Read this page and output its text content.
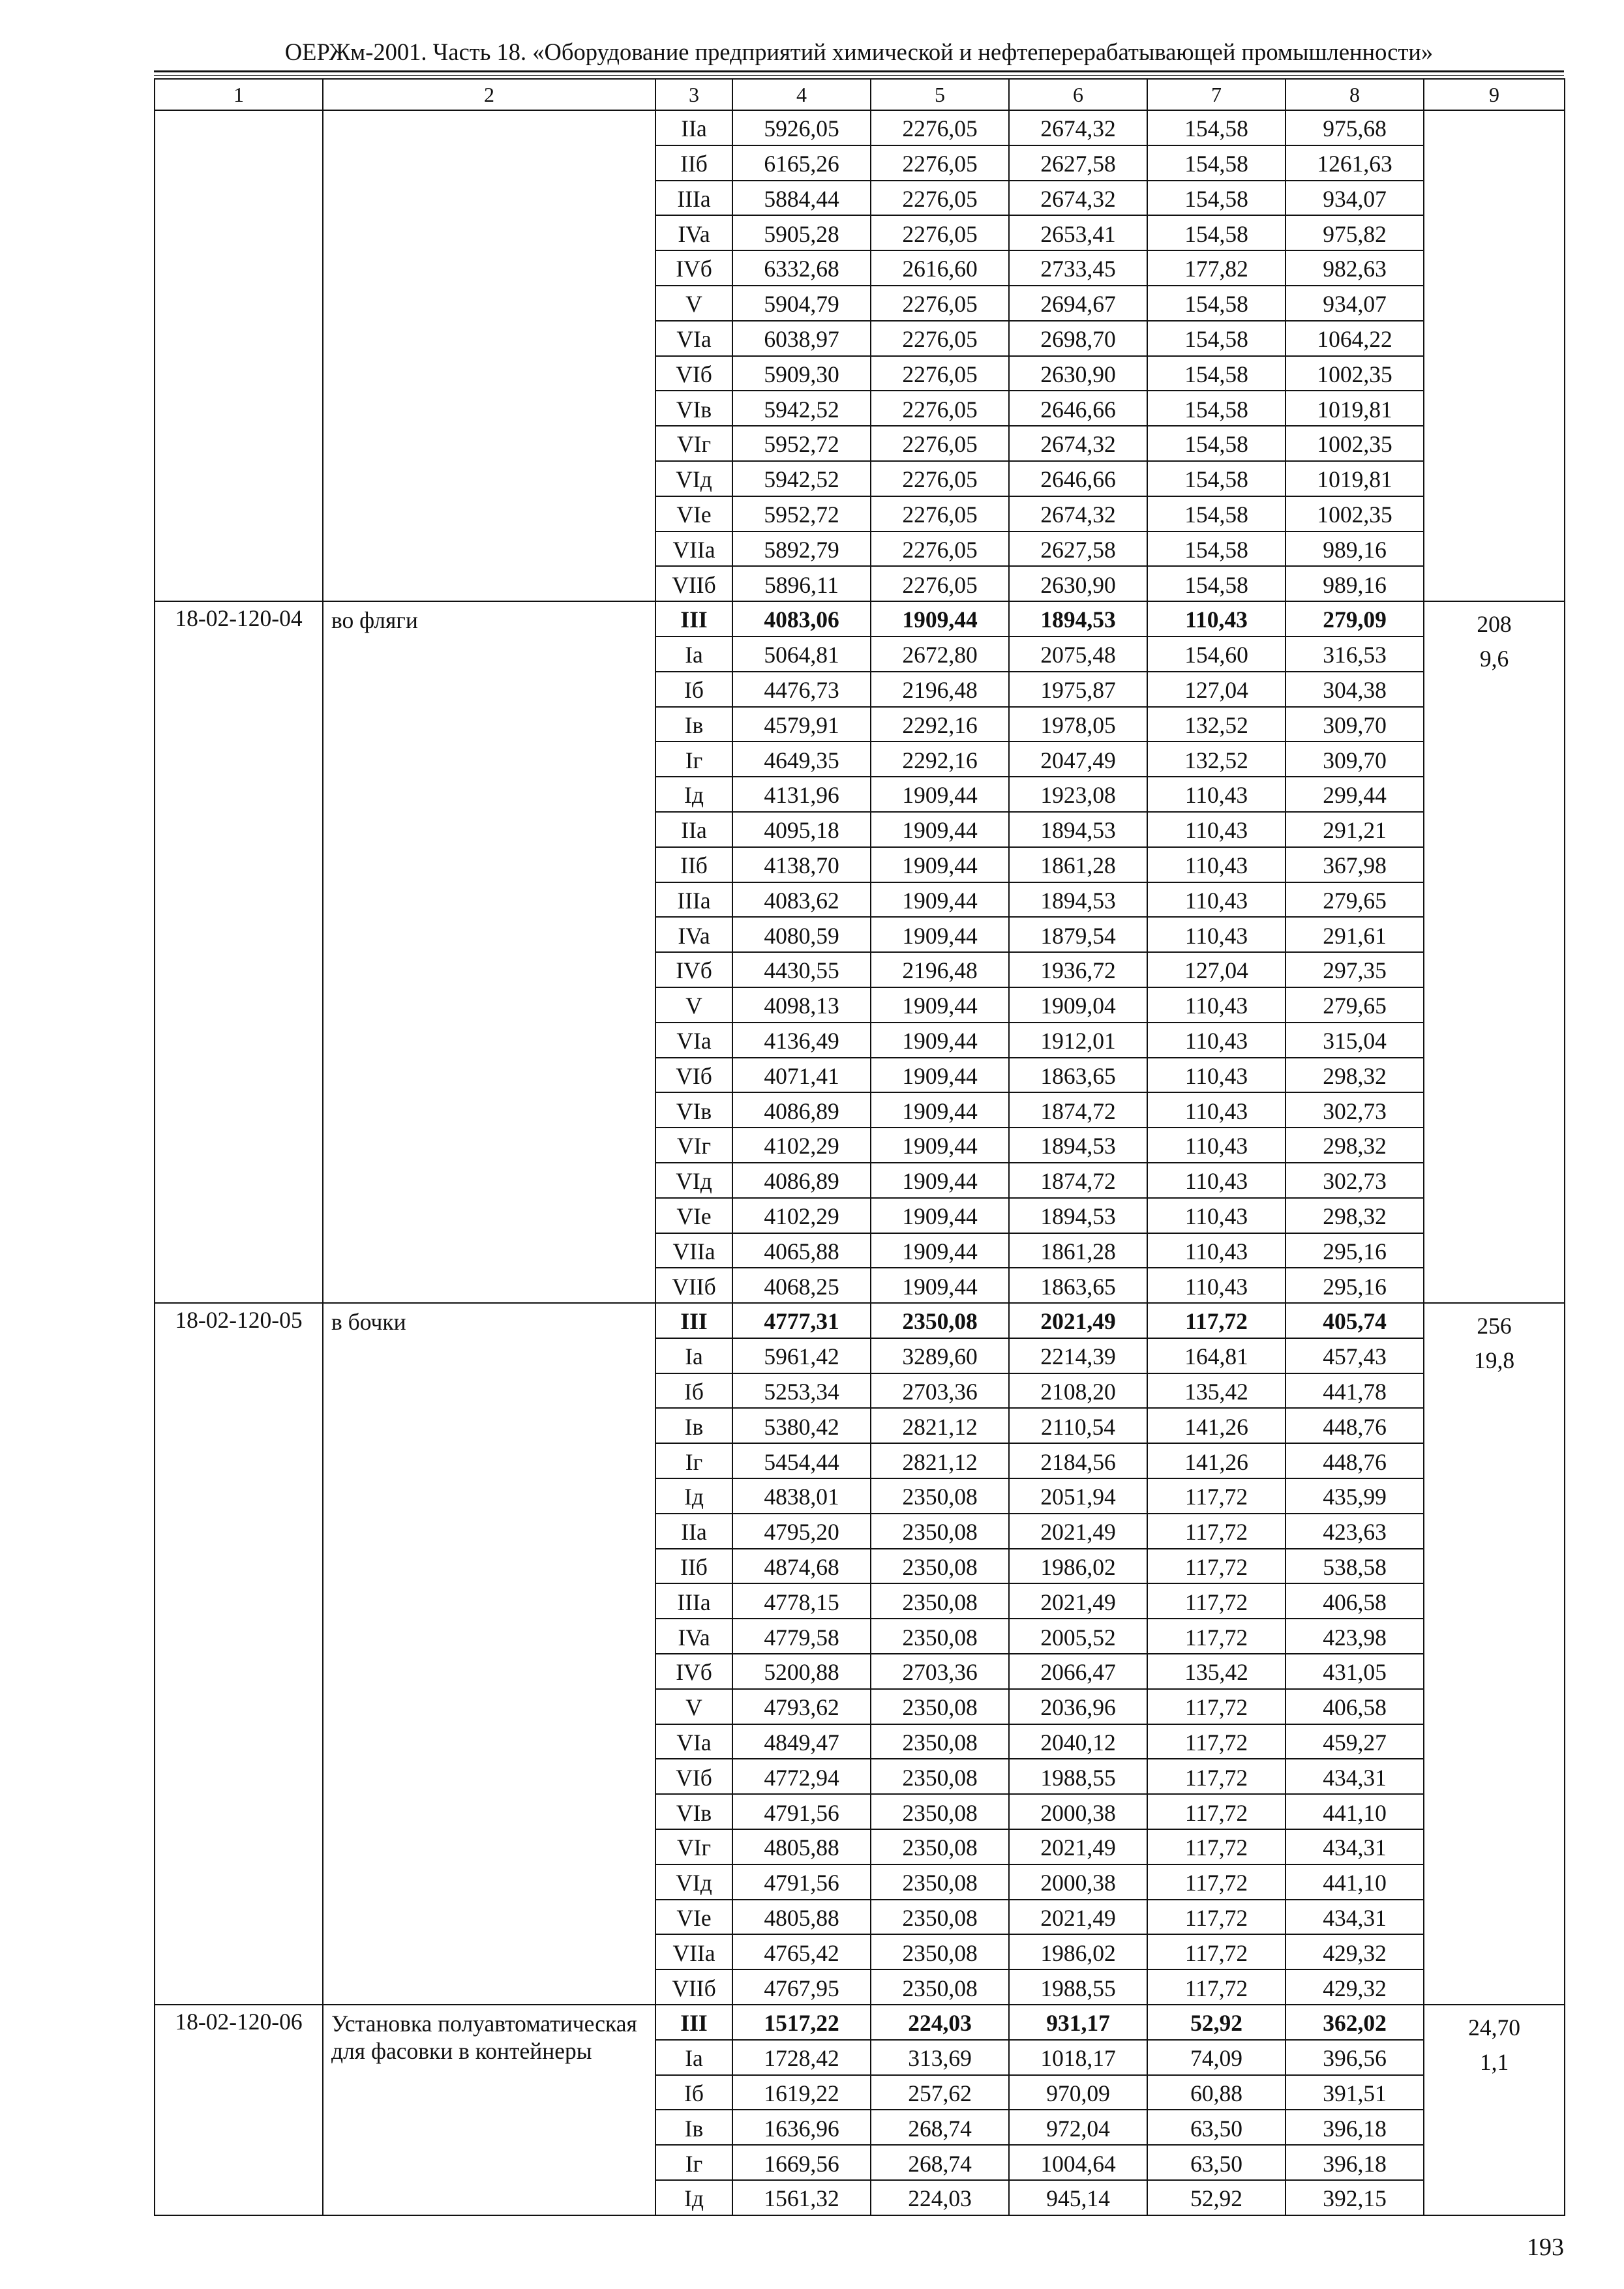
ОЕРЖм-2001. Часть 18. «Оборудование предприятий химической и нефтеперерабатывающей промышленности»
1	2	3	4	5	6	7	8	9
		IIa	5926,05	2276,05	2674,32	154,58	975,68	
		IIб	6165,26	2276,05	2627,58	154,58	1261,63	
		IIIa	5884,44	2276,05	2674,32	154,58	934,07	
		IVa	5905,28	2276,05	2653,41	154,58	975,82	
		IVб	6332,68	2616,60	2733,45	177,82	982,63	
		V	5904,79	2276,05	2694,67	154,58	934,07	
		VIa	6038,97	2276,05	2698,70	154,58	1064,22	
		VIб	5909,30	2276,05	2630,90	154,58	1002,35	
		VIв	5942,52	2276,05	2646,66	154,58	1019,81	
		VIг	5952,72	2276,05	2674,32	154,58	1002,35	
		VIд	5942,52	2276,05	2646,66	154,58	1019,81	
		VIe	5952,72	2276,05	2674,32	154,58	1002,35	
		VIIa	5892,79	2276,05	2627,58	154,58	989,16	
		VIIб	5896,11	2276,05	2630,90	154,58	989,16	
18-02-120-04	во фляги	III	4083,06	1909,44	1894,53	110,43	279,09	208
9,6

		Ia	5064,81	2672,80	2075,48	154,60	316,53	
		Iб	4476,73	2196,48	1975,87	127,04	304,38	
		Iв	4579,91	2292,16	1978,05	132,52	309,70	
		Iг	4649,35	2292,16	2047,49	132,52	309,70	
		Iд	4131,96	1909,44	1923,08	110,43	299,44	
		IIa	4095,18	1909,44	1894,53	110,43	291,21	
		IIб	4138,70	1909,44	1861,28	110,43	367,98	
		IIIa	4083,62	1909,44	1894,53	110,43	279,65	
		IVa	4080,59	1909,44	1879,54	110,43	291,61	
		IVб	4430,55	2196,48	1936,72	127,04	297,35	
		V	4098,13	1909,44	1909,04	110,43	279,65	
		VIa	4136,49	1909,44	1912,01	110,43	315,04	
		VIб	4071,41	1909,44	1863,65	110,43	298,32	
		VIв	4086,89	1909,44	1874,72	110,43	302,73	
		VIг	4102,29	1909,44	1894,53	110,43	298,32	
		VIд	4086,89	1909,44	1874,72	110,43	302,73	
		VIe	4102,29	1909,44	1894,53	110,43	298,32	
		VIIa	4065,88	1909,44	1861,28	110,43	295,16	
		VIIб	4068,25	1909,44	1863,65	110,43	295,16	
18-02-120-05	в бочки	III	4777,31	2350,08	2021,49	117,72	405,74	256
19,8

		Ia	5961,42	3289,60	2214,39	164,81	457,43	
		Iб	5253,34	2703,36	2108,20	135,42	441,78	
		Iв	5380,42	2821,12	2110,54	141,26	448,76	
		Iг	5454,44	2821,12	2184,56	141,26	448,76	
		Iд	4838,01	2350,08	2051,94	117,72	435,99	
		IIa	4795,20	2350,08	2021,49	117,72	423,63	
		IIб	4874,68	2350,08	1986,02	117,72	538,58	
		IIIa	4778,15	2350,08	2021,49	117,72	406,58	
		IVa	4779,58	2350,08	2005,52	117,72	423,98	
		IVб	5200,88	2703,36	2066,47	135,42	431,05	
		V	4793,62	2350,08	2036,96	117,72	406,58	
		VIa	4849,47	2350,08	2040,12	117,72	459,27	
		VIб	4772,94	2350,08	1988,55	117,72	434,31	
		VIв	4791,56	2350,08	2000,38	117,72	441,10	
		VIг	4805,88	2350,08	2021,49	117,72	434,31	
		VIд	4791,56	2350,08	2000,38	117,72	441,10	
		VIe	4805,88	2350,08	2021,49	117,72	434,31	
		VIIa	4765,42	2350,08	1986,02	117,72	429,32	
		VIIб	4767,95	2350,08	1988,55	117,72	429,32	
18-02-120-06	Установка полуавтоматическая для фасовки в контейнеры	III	1517,22	224,03	931,17	52,92	362,02	24,70
1,1

		Ia	1728,42	313,69	1018,17	74,09	396,56	
		Iб	1619,22	257,62	970,09	60,88	391,51	
		Iв	1636,96	268,74	972,04	63,50	396,18	
		Iг	1669,56	268,74	1004,64	63,50	396,18	
		Iд	1561,32	224,03	945,14	52,92	392,15	
193
